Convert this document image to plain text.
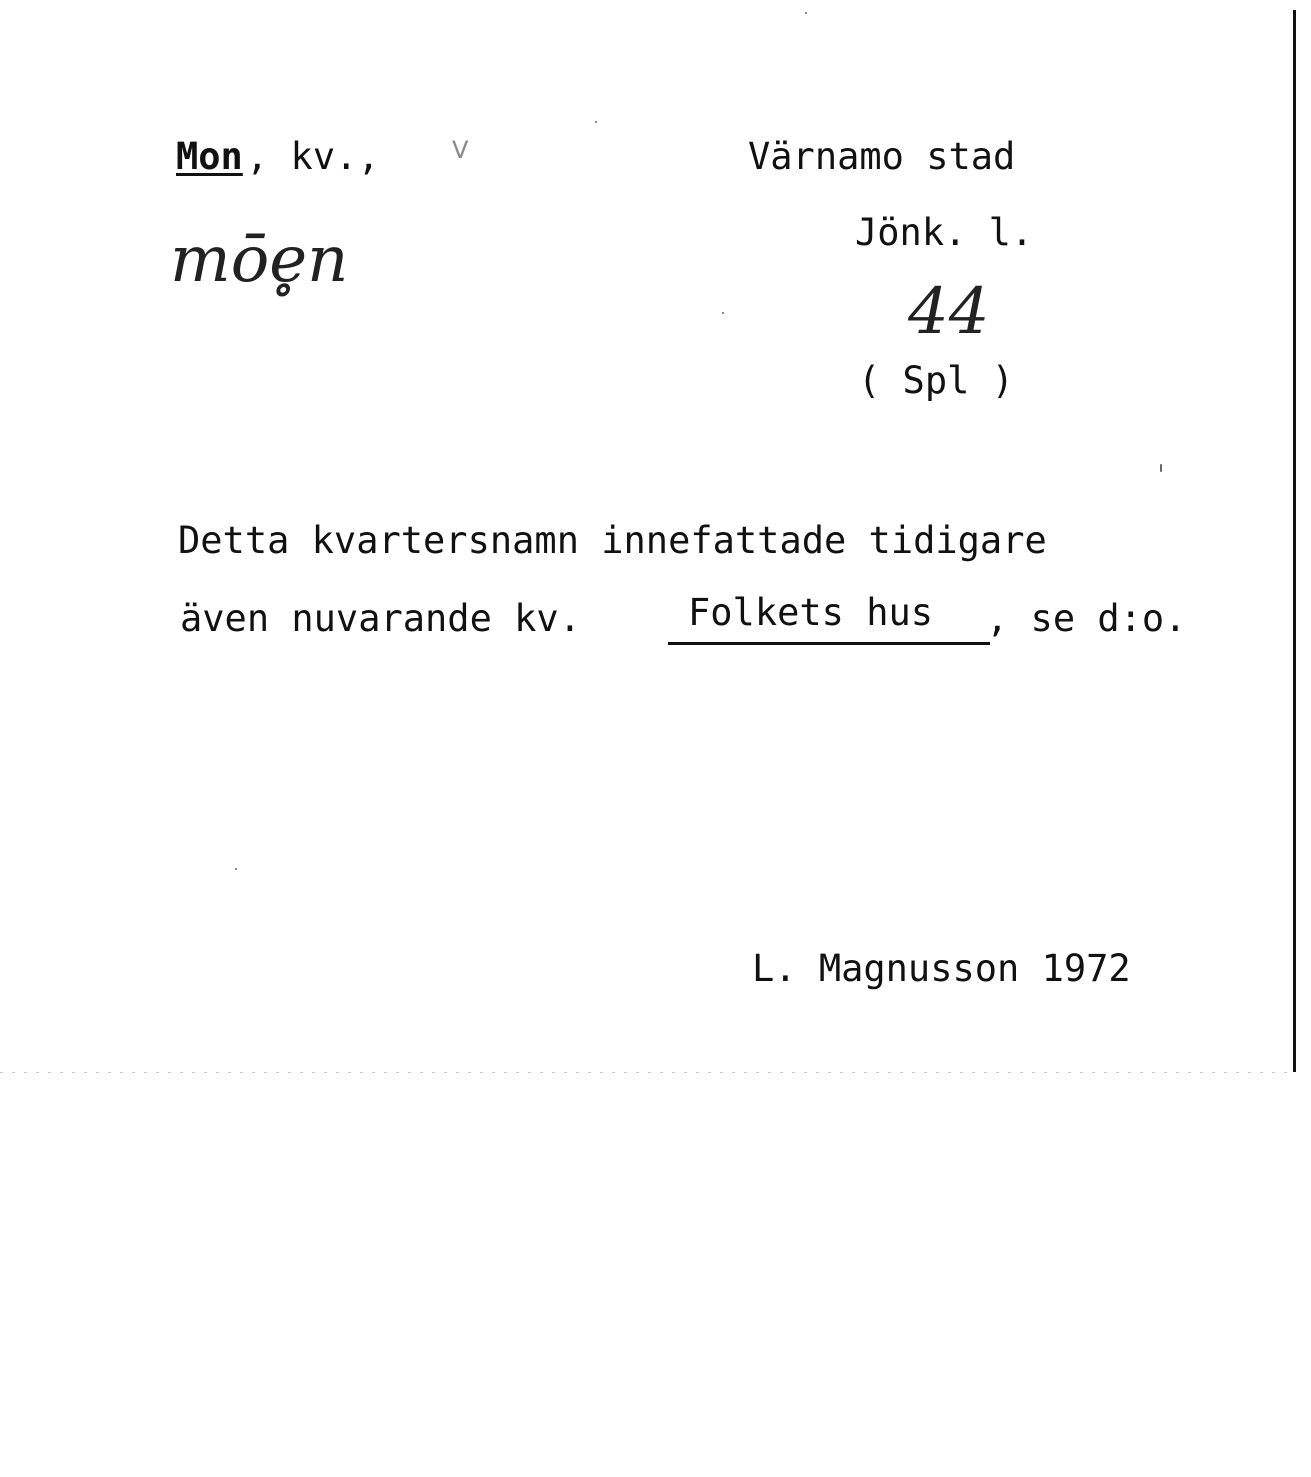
Mon , kv.,	V	Värnamo stad
Jönk. l.
mōe̥n
44
( Spl )
Detta kvartersnamn innefattade tidigare
även nuvarande kv.	Folkets hus , se d:o.
L. Magnusson 1972
